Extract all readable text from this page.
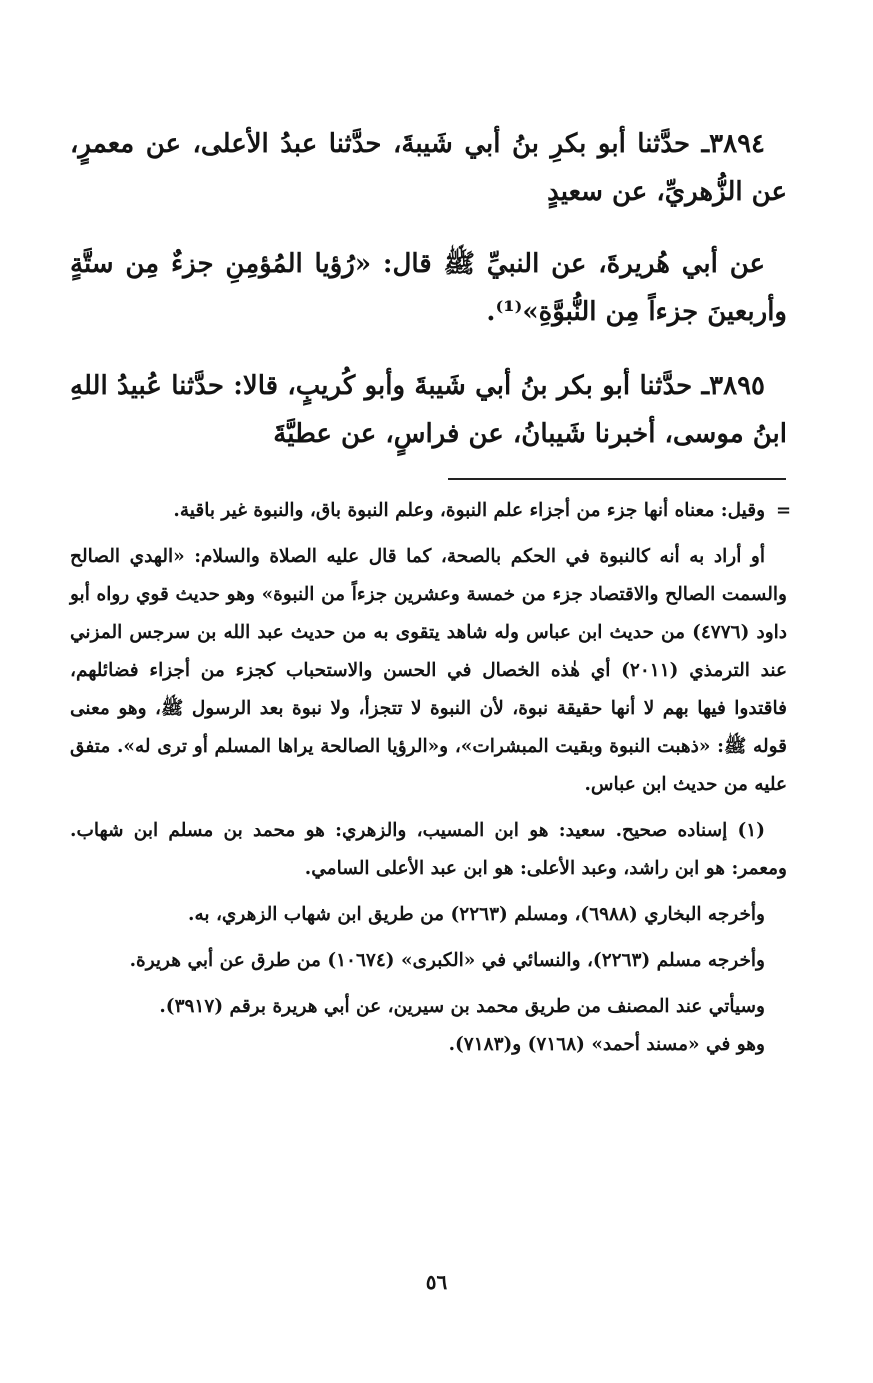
٣٨٩٤ـ حدَّثنا أبو بكرِ بنُ أبي شَيبةَ، حدَّثنا عبدُ الأعلى، عن معمرٍ، عن الزُّهريِّ، عن سعيدٍ

عن أبي هُريرةَ، عن النبيِّ ﷺ قال: «رُؤيا المُؤمِنِ جزءٌ مِن ستَّةٍ وأربعينَ جزءاً مِن النُّبوَّةِ»⁽¹⁾.

٣٨٩٥ـ حدَّثنا أبو بكر بنُ أبي شَيبةَ وأبو كُريبٍ، قالا: حدَّثنا عُبيدُ اللهِ ابنُ موسى، أخبرنا شَيبانُ، عن فراسٍ، عن عطيَّةَ

=

وقيل: معناه أنها جزء من أجزاء علم النبوة، وعلم النبوة باق، والنبوة غير باقية.

أو أراد به أنه كالنبوة في الحكم بالصحة، كما قال عليه الصلاة والسلام: «الهدي الصالح والسمت الصالح والاقتصاد جزء من خمسة وعشرين جزءاً من النبوة» وهو حديث قوي رواه أبو داود (٤٧٧٦) من حديث ابن عباس وله شاهد يتقوى به من حديث عبد الله بن سرجس المزني عند الترمذي (٢٠١١) أي هٰذه الخصال في الحسن والاستحباب كجزء من أجزاء فضائلهم، فاقتدوا فيها بهم لا أنها حقيقة نبوة، لأن النبوة لا تتجزأ، ولا نبوة بعد الرسول ﷺ، وهو معنى قوله ﷺ: «ذهبت النبوة وبقيت المبشرات»، و«الرؤيا الصالحة يراها المسلم أو ترى له». متفق عليه من حديث ابن عباس.

(١) إسناده صحيح. سعيد: هو ابن المسيب، والزهري: هو محمد بن مسلم ابن شهاب. ومعمر: هو ابن راشد، وعبد الأعلى: هو ابن عبد الأعلى السامي.

وأخرجه البخاري (٦٩٨٨)، ومسلم (٢٢٦٣) من طريق ابن شهاب الزهري، به.

وأخرجه مسلم (٢٢٦٣)، والنسائي في «الكبرى» (١٠٦٧٤) من طرق عن أبي هريرة.

وسيأتي عند المصنف من طريق محمد بن سيرين، عن أبي هريرة برقم (٣٩١٧).

وهو في «مسند أحمد» (٧١٦٨) و(٧١٨٣).

٥٦
